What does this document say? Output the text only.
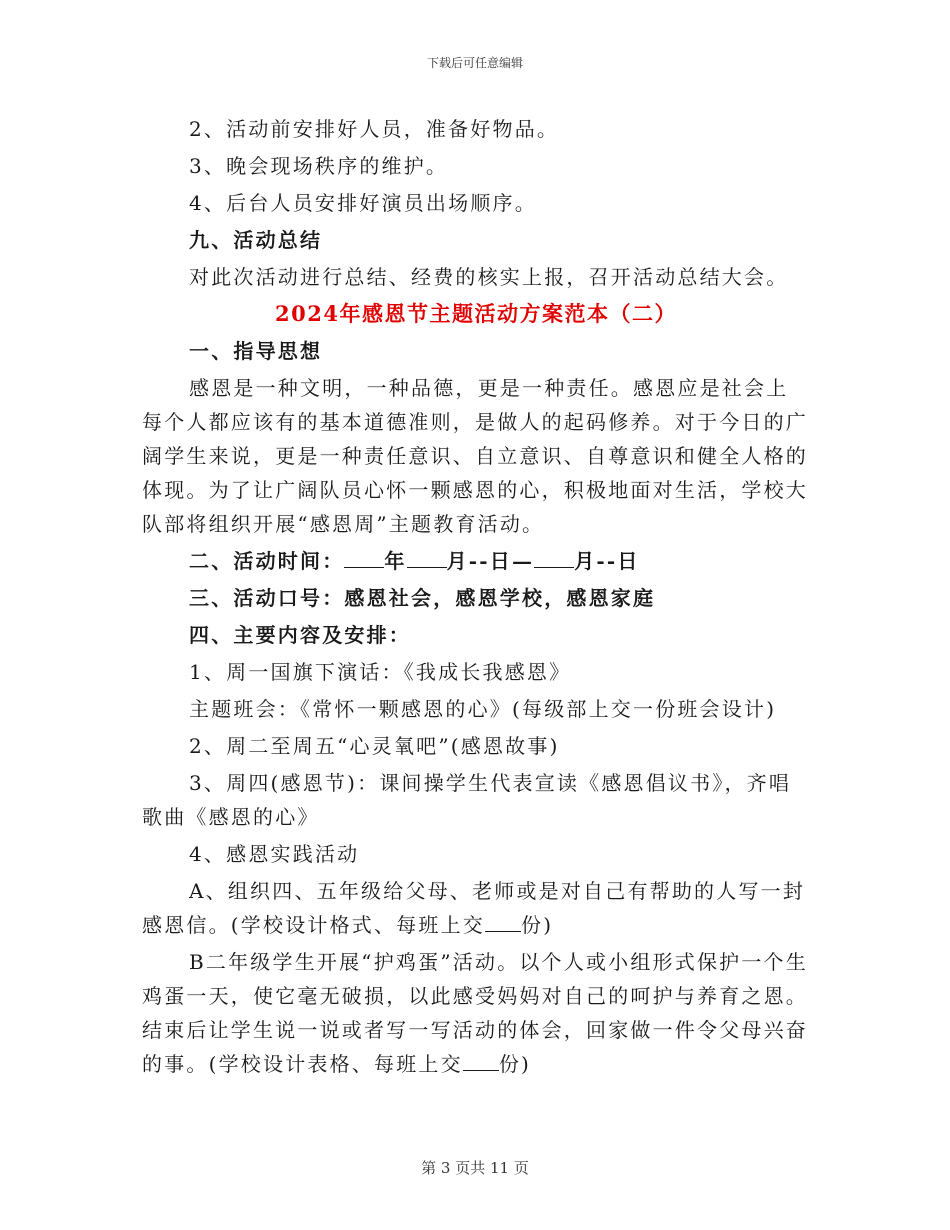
下载后可任意编辑

2、活动前安排好人员，准备好物品。

3、晚会现场秩序的维护。

4、后台人员安排好演员出场顺序。

九、活动总结

对此次活动进行总结、经费的核实上报，召开活动总结大会。

2024年感恩节主题活动方案范本（二）

一、指导思想

感恩是一种文明，一种品德，更是一种责任。感恩应是社会上每个人都应该有的基本道德准则，是做人的起码修养。对于今日的广阔学生来说，更是一种责任意识、自立意识、自尊意识和健全人格的体现。为了让广阔队员心怀一颗感恩的心，积极地面对生活，学校大队部将组织开展“感恩周”主题教育活动。

二、活动时间： 年 月--日— 月--日

三、活动口号：感恩社会，感恩学校，感恩家庭

四、主要内容及安排：

1、周一国旗下演话：《我成长我感恩》

主题班会：《常怀一颗感恩的心》(每级部上交一份班会设计)

2、周二至周五“心灵氧吧”(感恩故事)

3、周四(感恩节)：课间操学生代表宣读《感恩倡议书》，齐唱歌曲《感恩的心》

4、感恩实践活动

A、组织四、五年级给父母、老师或是对自己有帮助的人写一封感恩信。(学校设计格式、每班上交 份)

B二年级学生开展“护鸡蛋”活动。以个人或小组形式保护一个生鸡蛋一天，使它毫无破损，以此感受妈妈对自己的呵护与养育之恩。结束后让学生说一说或者写一写活动的体会，回家做一件令父母兴奋的事。(学校设计表格、每班上交 份)

第 3 页共 11 页
